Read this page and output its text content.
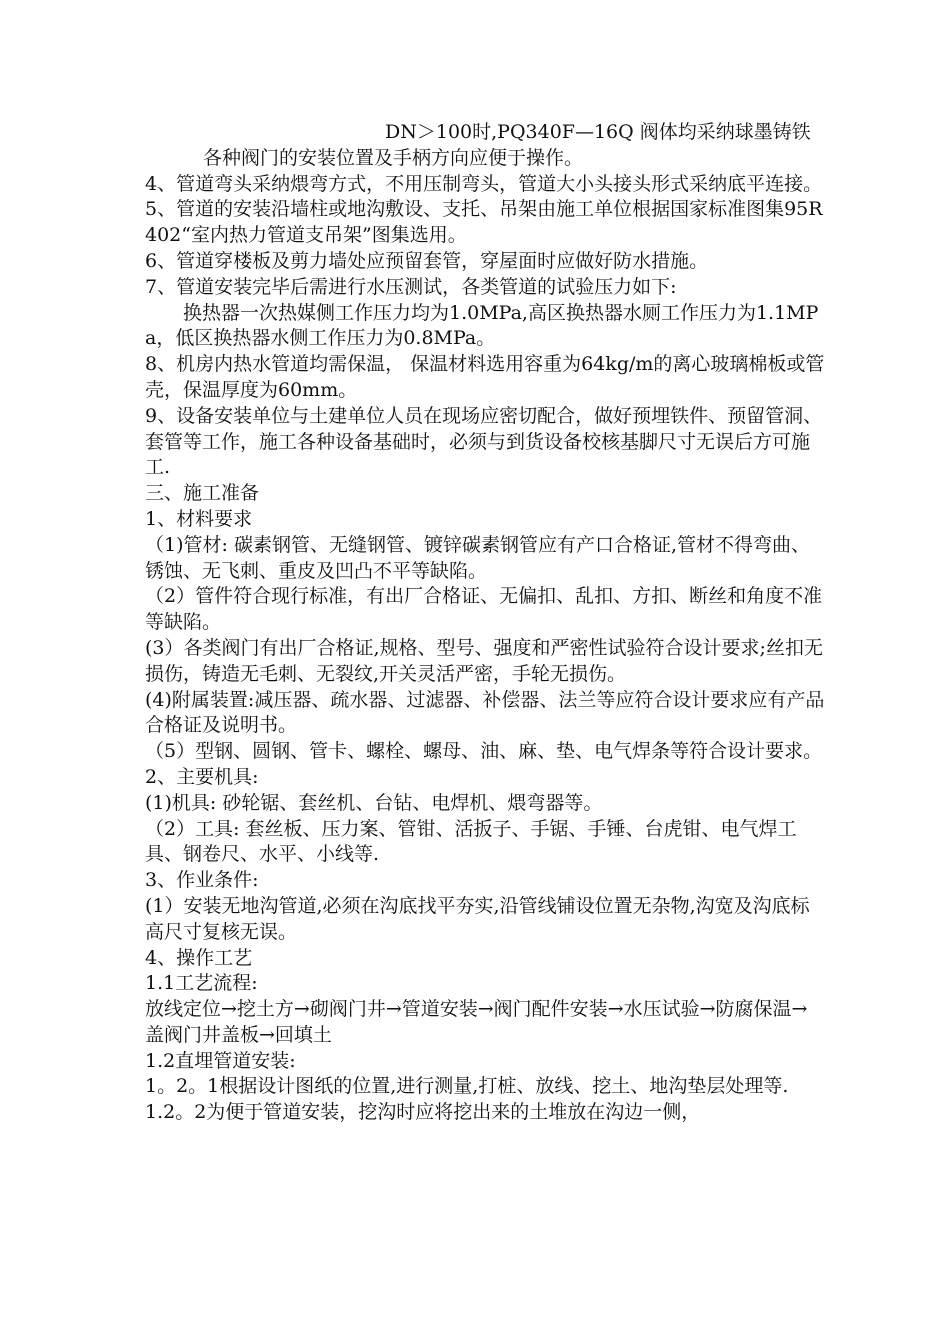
DN＞100时,PQ340F—16Q 阀体均采纳球墨铸铁

各种阀门的安装位置及手柄方向应便于操作。

4、管道弯头采纳煨弯方式，不用压制弯头，管道大小头接头形式采纳底平连接。

5、管道的安装沿墙柱或地沟敷设、支托、吊架由施工单位根据国家标准图集95R402“室内热力管道支吊架”图集选用。

6、管道穿楼板及剪力墙处应预留套管，穿屋面时应做好防水措施。

7、管道安装完毕后需进行水压测试，各类管道的试验压力如下:

换热器一次热媒侧工作压力均为1.0MPa,高区换热器水厕工作压力为1.1MPa，低区换热器水侧工作压力为0.8MPa。

8、机房内热水管道均需保温， 保温材料选用容重为64kg/m的离心玻璃棉板或管壳，保温厚度为60mm。

9、设备安装单位与土建单位人员在现场应密切配合，做好预埋铁件、预留管洞、套管等工作，施工各种设备基础时，必须与到货设备校核基脚尺寸无误后方可施工.

三、施工准备

1、材料要求

（1)管材: 碳素钢管、无缝钢管、镀锌碳素钢管应有产口合格证,管材不得弯曲、锈蚀、无飞刺、重皮及凹凸不平等缺陷。

（2）管件符合现行标准，有出厂合格证、无偏扣、乱扣、方扣、断丝和角度不准等缺陷。

(3）各类阀门有出厂合格证,规格、型号、强度和严密性试验符合设计要求;丝扣无损伤，铸造无毛刺、无裂纹,开关灵活严密，手轮无损伤。

(4)附属装置:减压器、疏水器、过滤器、补偿器、法兰等应符合设计要求应有产品合格证及说明书。

（5）型钢、圆钢、管卡、螺栓、螺母、油、麻、垫、电气焊条等符合设计要求。

2、主要机具:

(1)机具: 砂轮锯、套丝机、台钻、电焊机、煨弯器等。

（2）工具: 套丝板、压力案、管钳、活扳子、手锯、手锤、台虎钳、电气焊工具、钢卷尺、水平、小线等.

3、作业条件:

(1）安装无地沟管道,必须在沟底找平夯实,沿管线铺设位置无杂物,沟宽及沟底标高尺寸复核无误。

4、操作工艺

1.1工艺流程:

放线定位→挖土方→砌阀门井→管道安装→阀门配件安装→水压试验→防腐保温→盖阀门井盖板→回填土

1.2直埋管道安装:

1。2。1根据设计图纸的位置,进行测量,打桩、放线、挖土、地沟垫层处理等.

1.2。2为便于管道安装，挖沟时应将挖出来的土堆放在沟边一侧，
